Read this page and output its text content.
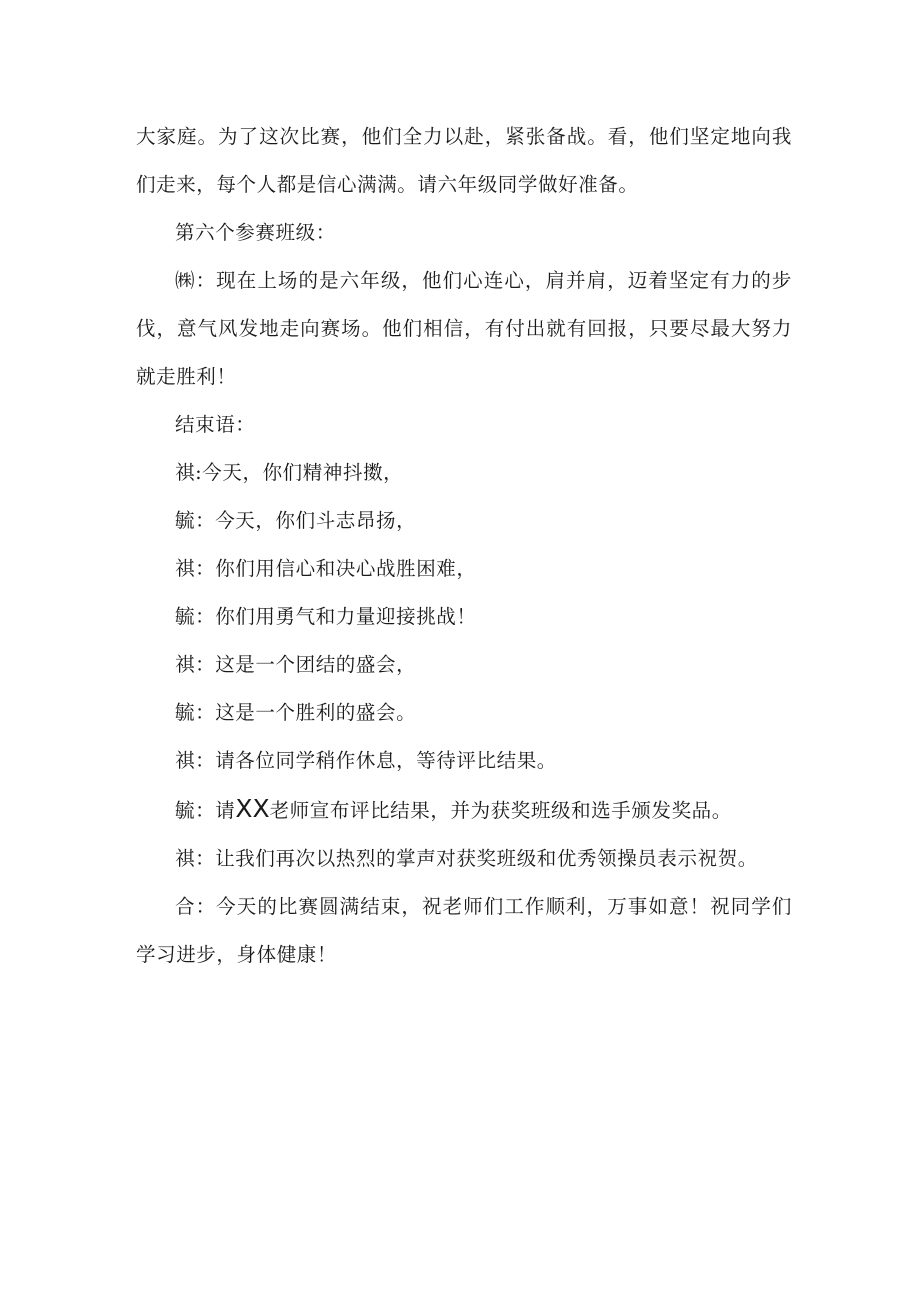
大家庭。为了这次比赛，他们全力以赴，紧张备战。看，他们坚定地向我们走来，每个人都是信心满满。请六年级同学做好准备。

第六个参赛班级：

㈱：现在上场的是六年级，他们心连心，肩并肩，迈着坚定有力的步伐，意气风发地走向赛场。他们相信，有付出就有回报，只要尽最大努力就走胜利！

结束语：

祺:今天，你们精神抖擞，

毓：今天，你们斗志昂扬，

祺：你们用信心和决心战胜困难，

毓：你们用勇气和力量迎接挑战！

祺：这是一个团结的盛会，

毓：这是一个胜利的盛会。

祺：请各位同学稍作休息，等待评比结果。

毓：请XX老师宣布评比结果，并为获奖班级和选手颁发奖品。

祺：让我们再次以热烈的掌声对获奖班级和优秀领操员表示祝贺。

合：今天的比赛圆满结束，祝老师们工作顺利，万事如意！祝同学们学习进步，身体健康！
